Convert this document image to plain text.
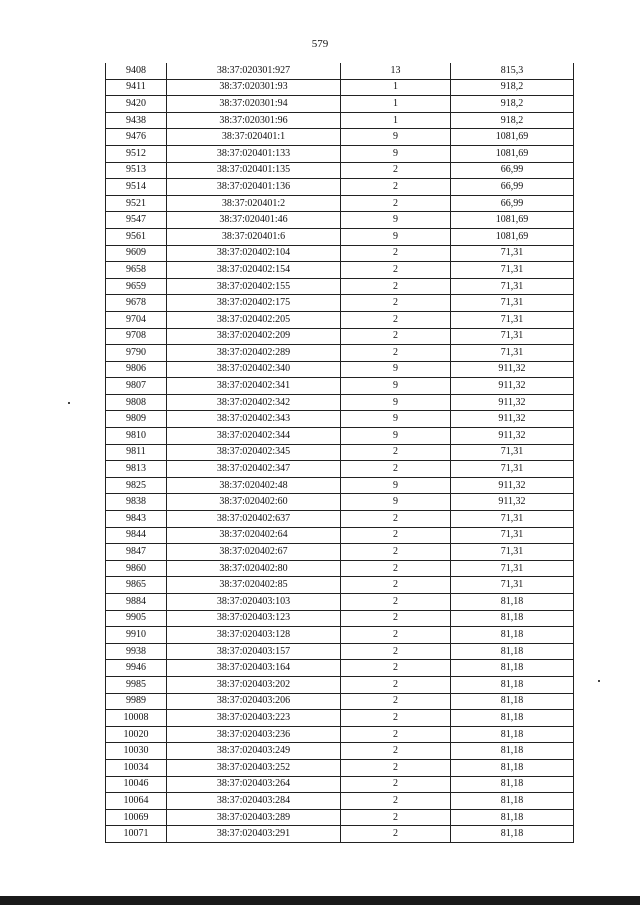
579
9408	38:37:020301:927	13	815,3
9411	38:37:020301:93	1	918,2
9420	38:37:020301:94	1	918,2
9438	38:37:020301:96	1	918,2
9476	38:37:020401:1	9	1081,69
9512	38:37:020401:133	9	1081,69
9513	38:37:020401:135	2	66,99
9514	38:37:020401:136	2	66,99
9521	38:37:020401:2	2	66,99
9547	38:37:020401:46	9	1081,69
9561	38:37:020401:6	9	1081,69
9609	38:37:020402:104	2	71,31
9658	38:37:020402:154	2	71,31
9659	38:37:020402:155	2	71,31
9678	38:37:020402:175	2	71,31
9704	38:37:020402:205	2	71,31
9708	38:37:020402:209	2	71,31
9790	38:37:020402:289	2	71,31
9806	38:37:020402:340	9	911,32
9807	38:37:020402:341	9	911,32
9808	38:37:020402:342	9	911,32
9809	38:37:020402:343	9	911,32
9810	38:37:020402:344	9	911,32
9811	38:37:020402:345	2	71,31
9813	38:37:020402:347	2	71,31
9825	38:37:020402:48	9	911,32
9838	38:37:020402:60	9	911,32
9843	38:37:020402:637	2	71,31
9844	38:37:020402:64	2	71,31
9847	38:37:020402:67	2	71,31
9860	38:37:020402:80	2	71,31
9865	38:37:020402:85	2	71,31
9884	38:37:020403:103	2	81,18
9905	38:37:020403:123	2	81,18
9910	38:37:020403:128	2	81,18
9938	38:37:020403:157	2	81,18
9946	38:37:020403:164	2	81,18
9985	38:37:020403:202	2	81,18
9989	38:37:020403:206	2	81,18
10008	38:37:020403:223	2	81,18
10020	38:37:020403:236	2	81,18
10030	38:37:020403:249	2	81,18
10034	38:37:020403:252	2	81,18
10046	38:37:020403:264	2	81,18
10064	38:37:020403:284	2	81,18
10069	38:37:020403:289	2	81,18
10071	38:37:020403:291	2	81,18
